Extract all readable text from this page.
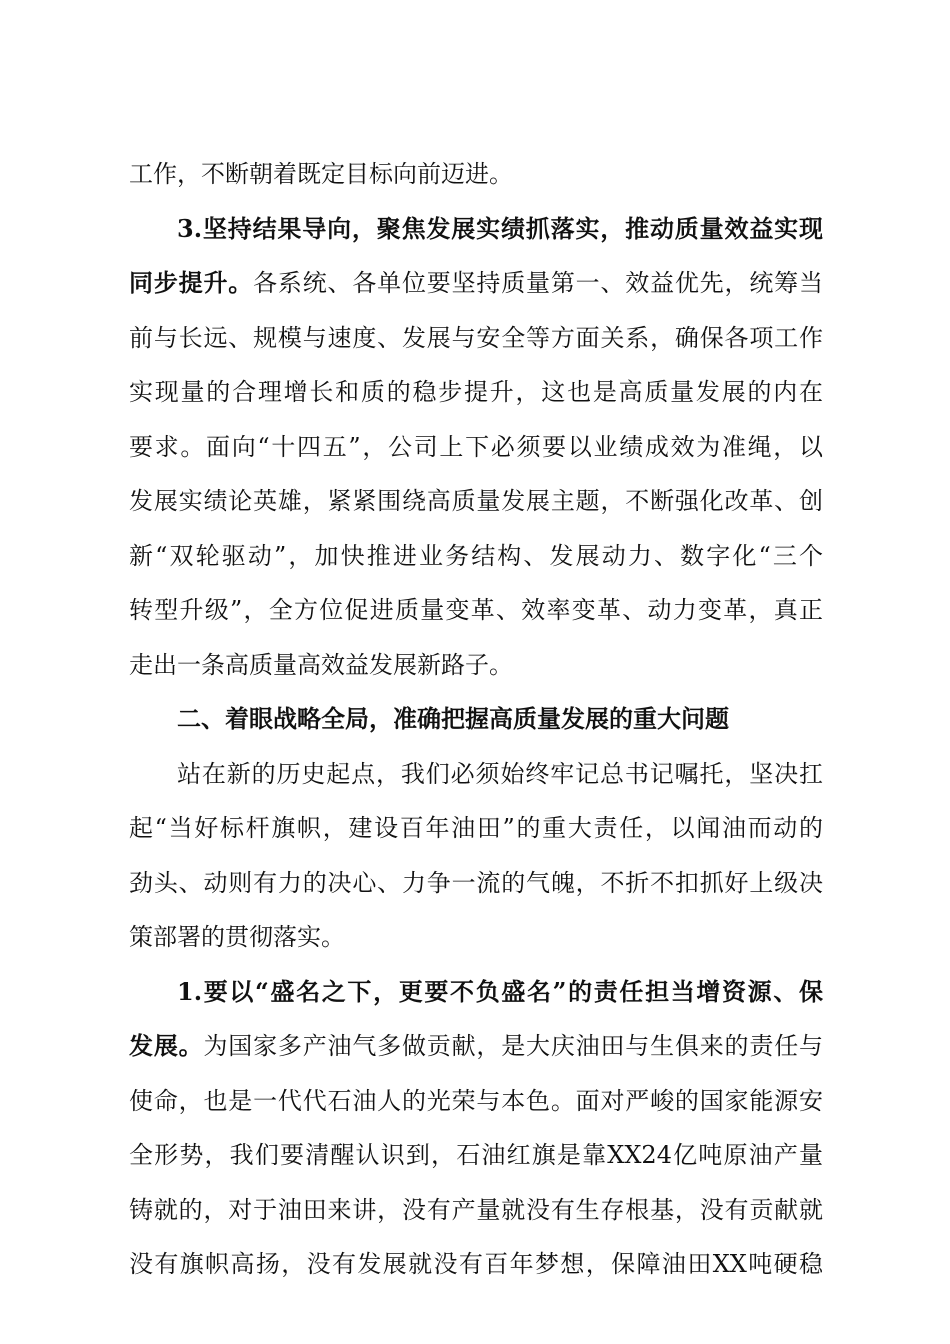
工作，不断朝着既定目标向前迈进。
3.坚持结果导向，聚焦发展实绩抓落实，推动质量效益实现
同步提升。各系统、各单位要坚持质量第一、效益优先，统筹当
前与长远、规模与速度、发展与安全等方面关系，确保各项工作
实现量的合理增长和质的稳步提升，这也是高质量发展的内在
要求。面向“十四五”，公司上下必须要以业绩成效为准绳，以
发展实绩论英雄，紧紧围绕高质量发展主题，不断强化改革、创
新“双轮驱动”，加快推进业务结构、发展动力、数字化“三个
转型升级”，全方位促进质量变革、效率变革、动力变革，真正
走出一条高质量高效益发展新路子。
二、着眼战略全局，准确把握高质量发展的重大问题
站在新的历史起点，我们必须始终牢记总书记嘱托，坚决扛
起“当好标杆旗帜，建设百年油田”的重大责任，以闻油而动的
劲头、动则有力的决心、力争一流的气魄，不折不扣抓好上级决
策部署的贯彻落实。
1.要以“盛名之下，更要不负盛名”的责任担当增资源、保
发展。为国家多产油气多做贡献，是大庆油田与生俱来的责任与
使命，也是一代代石油人的光荣与本色。面对严峻的国家能源安
全形势，我们要清醒认识到，石油红旗是靠XX24亿吨原油产量
铸就的，对于油田来讲，没有产量就没有生存根基，没有贡献就
没有旗帜高扬，没有发展就没有百年梦想，保障油田XX吨硬稳
